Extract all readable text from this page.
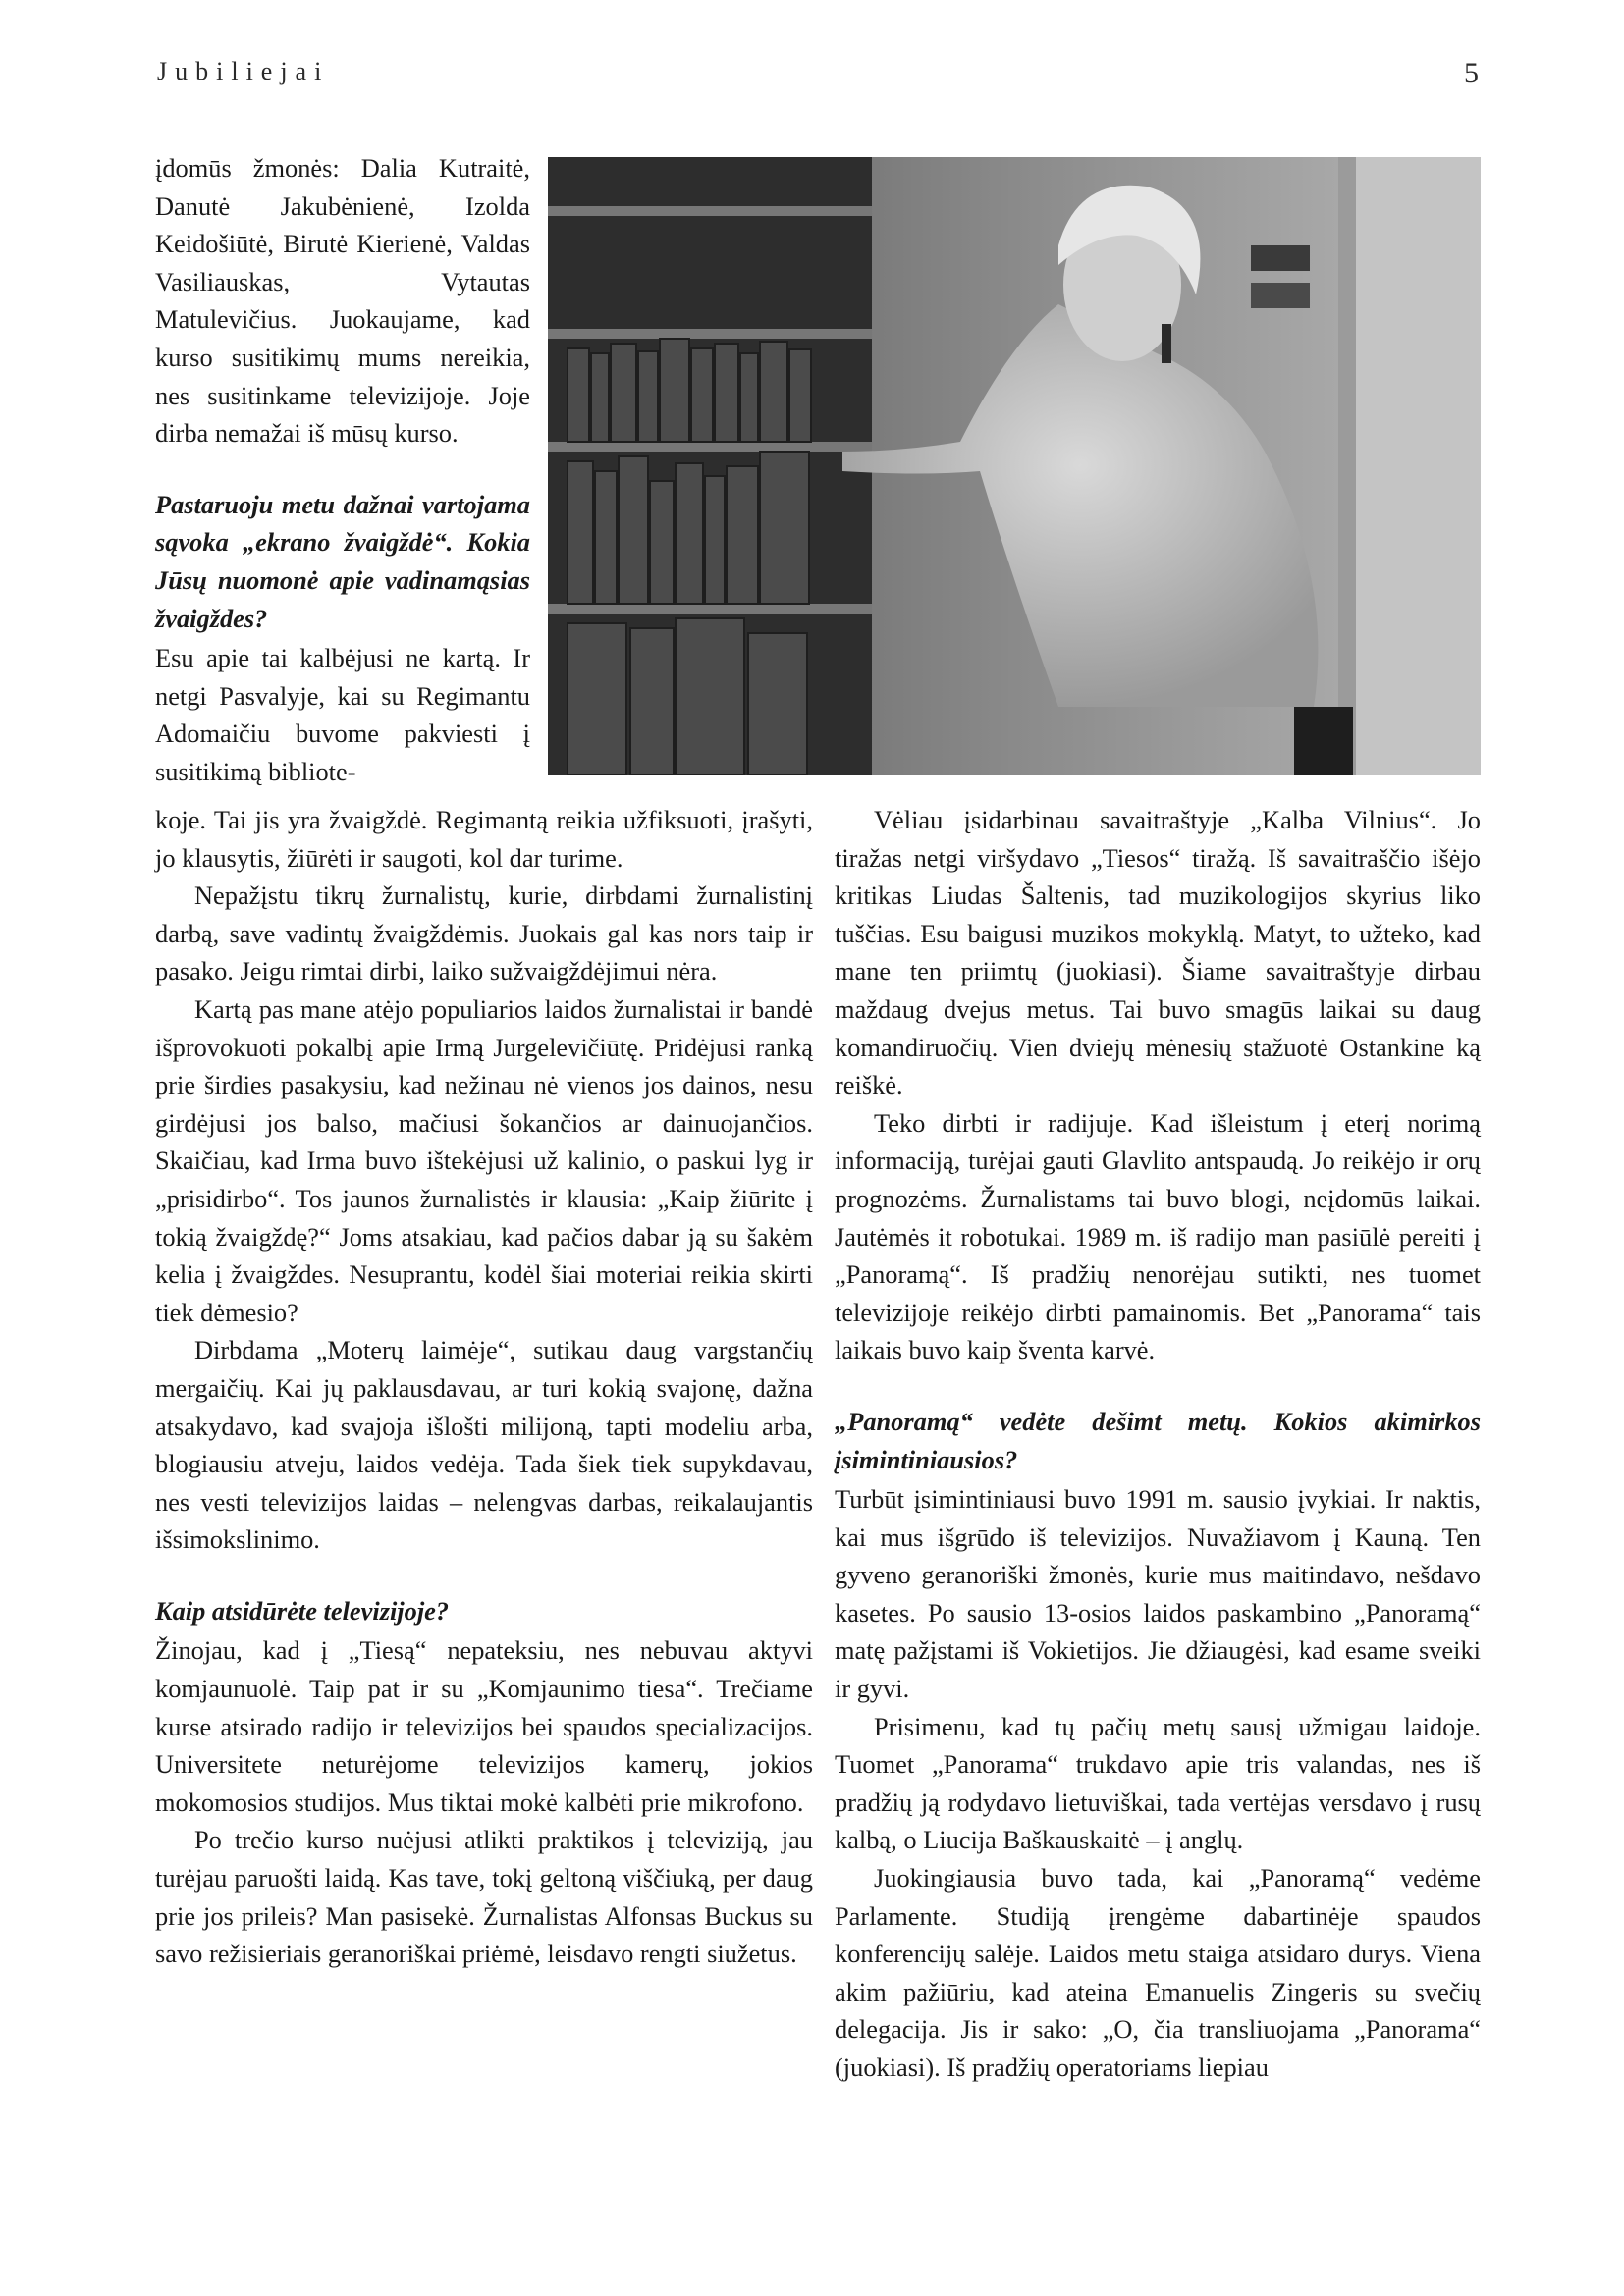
Jubiliejai	5

įdomūs žmonės: Dalia Kutraitė, Danutė Jakubėnienė, Izolda Keidošiūtė, Birutė Kierienė, Valdas Vasiliauskas, Vytautas Matulevičius. Juokaujame, kad kurso susitikimų mums nereikia, nes susitinkame televizijoje. Joje dirba nemažai iš mūsų kurso.

Pastaruoju metu dažnai vartojama sąvoka „ekrano žvaigždė“. Kokia Jūsų nuomonė apie vadinamąsias žvaigždes?

Esu apie tai kalbėjusi ne kartą. Ir netgi Pasvalyje, kai su Regimantu Adomaičiu buvome pakviesti į susitikimą bibliote-

koje. Tai jis yra žvaigždė. Regimantą reikia užfiksuoti, įrašyti, jo klausytis, žiūrėti ir saugoti, kol dar turime.

Nepažįstu tikrų žurnalistų, kurie, dirbdami žurnalistinį darbą, save vadintų žvaigždėmis. Juokais gal kas nors taip ir pasako. Jeigu rimtai dirbi, laiko sužvaigždėjimui nėra.

Kartą pas mane atėjo populiarios laidos žurnalistai ir bandė išprovokuoti pokalbį apie Irmą Jurgelevičiūtę. Pridėjusi ranką prie širdies pasakysiu, kad nežinau nė vienos jos dainos, nesu girdėjusi jos balso, mačiusi šokančios ar dainuojančios. Skaičiau, kad Irma buvo ištekėjusi už kalinio, o paskui lyg ir „prisidirbo“. Tos jaunos žurnalistės ir klausia: „Kaip žiūrite į tokią žvaigždę?“ Joms atsakiau, kad pačios dabar ją su šakėm kelia į žvaigždes. Nesuprantu, kodėl šiai moteriai reikia skirti tiek dėmesio?

Dirbdama „Moterų laimėje“, sutikau daug vargstančių mergaičių. Kai jų paklausdavau, ar turi kokią svajonę, dažna atsakydavo, kad svajoja išlošti milijoną, tapti modeliu arba, blogiausiu atveju, laidos vedėja. Tada šiek tiek supykdavau, nes vesti televizijos laidas – nelengvas darbas, reikalaujantis išsimokslinimo.

Kaip atsidūrėte televizijoje?

Žinojau, kad į „Tiesą“ nepateksiu, nes nebuvau aktyvi komjaunuolė. Taip pat ir su „Komjaunimo tiesa“. Trečiame kurse atsirado radijo ir televizijos bei spaudos specializacijos. Universitete neturėjome televizijos kamerų, jokios mokomosios studijos. Mus tiktai mokė kalbėti prie mikrofono.

Po trečio kurso nuėjusi atlikti praktikos į televiziją, jau turėjau paruošti laidą. Kas tave, tokį geltoną viščiuką, per daug prie jos prileis? Man pasisekė. Žurnalistas Alfonsas Buckus su savo režisieriais geranoriškai priėmė, leisdavo rengti siužetus.

Vėliau įsidarbinau savaitraštyje „Kalba Vilnius“. Jo tiražas netgi viršydavo „Tiesos“ tiražą. Iš savaitraščio išėjo kritikas Liudas Šaltenis, tad muzikologijos skyrius liko tuščias. Esu baigusi muzikos mokyklą. Matyt, to užteko, kad mane ten priimtų (juokiasi). Šiame savaitraštyje dirbau maždaug dvejus metus. Tai buvo smagūs laikai su daug komandiruočių. Vien dviejų mėnesių stažuotė Ostankine ką reiškė.

Teko dirbti ir radijuje. Kad išleistum į eterį norimą informaciją, turėjai gauti Glavlito antspaudą. Jo reikėjo ir orų prognozėms. Žurnalistams tai buvo blogi, neįdomūs laikai. Jautėmės it robotukai. 1989 m. iš radijo man pasiūlė pereiti į „Panoramą“. Iš pradžių nenorėjau sutikti, nes tuomet televizijoje reikėjo dirbti pamainomis. Bet „Panorama“ tais laikais buvo kaip šventa karvė.

„Panoramą“ vedėte dešimt metų. Kokios akimirkos įsimintiniausios?

Turbūt įsimintiniausi buvo 1991 m. sausio įvykiai. Ir naktis, kai mus išgrūdo iš televizijos. Nuvažiavom į Kauną. Ten gyveno geranoriški žmonės, kurie mus maitindavo, nešdavo kasetes. Po sausio 13-osios laidos paskambino „Panoramą“ matę pažįstami iš Vokietijos. Jie džiaugėsi, kad esame sveiki ir gyvi.

Prisimenu, kad tų pačių metų sausį užmigau laidoje. Tuomet „Panorama“ trukdavo apie tris valandas, nes iš pradžių ją rodydavo lietuviškai, tada vertėjas versdavo į rusų kalbą, o Liucija Baškauskaitė – į anglų.

Juokingiausia buvo tada, kai „Panoramą“ vedėme Parlamente. Studiją įrengėme dabartinėje spaudos konferencijų salėje. Laidos metu staiga atsidaro durys. Viena akim pažiūriu, kad ateina Emanuelis Zingeris su svečių delegacija. Jis ir sako: „O, čia transliuojama „Panorama“ (juokiasi). Iš pradžių operatoriams liepiau
